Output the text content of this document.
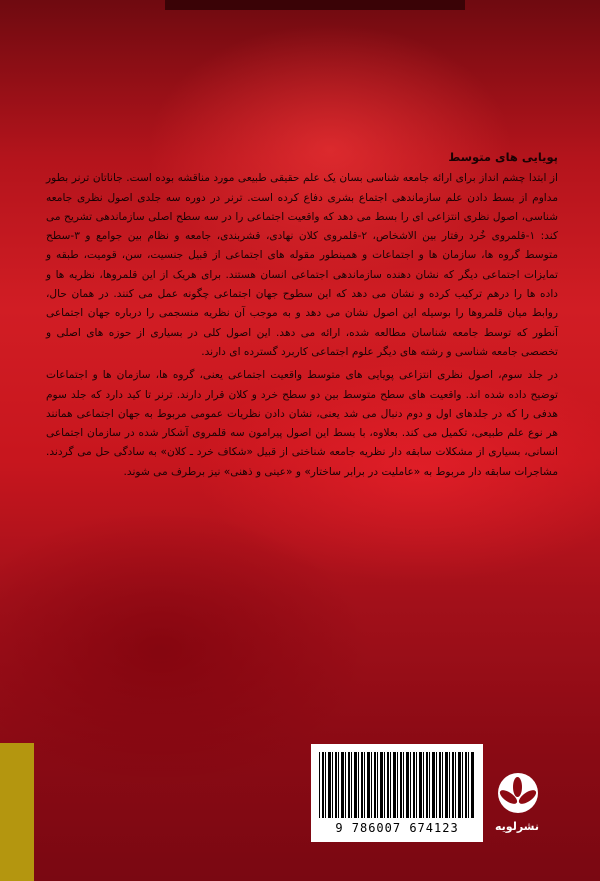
پویایی های متوسط

از ابتدا چشم انداز برای ارائه جامعه شناسی بسان یک علم حقیقی طبیعی مورد مناقشه بوده است. جاناتان ترنر بطور مداوم از بسط دادن علم سازماندهی اجتماع بشری دفاع کرده است. ترنر در دوره سه جلدی اصول نظری جامعه شناسی، اصول نظری انتزاعی ای را بسط می دهد که واقعیت اجتماعی را در سه سطح اصلی سازماندهی تشریح می کند: ۱-قلمروی خُرد رفتار بین الاشخاص، ۲-قلمروی کلان نهادی، قشربندی، جامعه و نظام بین جوامع و ۳-سطح متوسط گروه ها، سازمان ها و اجتماعات و همینطور مقوله های اجتماعی از قبیل جنسیت، سن، قومیت، طبقه و تمایزات اجتماعی دیگر که نشان دهنده سازماندهی اجتماعی انسان هستند. برای هریک از این قلمروها، نظریه ها و داده ها را درهم ترکیب کرده و نشان می دهد که این سطوح جهان اجتماعی چگونه عمل می کنند. در همان حال، روابط میان قلمروها را بوسیله این اصول نشان می دهد و به موجب آن نظریه منسجمی را درباره جهان اجتماعی آنطور که توسط جامعه شناسان مطالعه شده، ارائه می دهد. این اصول کلی در بسیاری از حوزه های اصلی و تخصصی جامعه شناسی و رشته های دیگر علوم اجتماعی کاربرد گسترده ای دارند.

در جلد سوم، اصول نظری انتزاعی پویایی های متوسط واقعیت اجتماعی یعنی، گروه ها، سازمان ها و اجتماعات توضیح داده شده اند. واقعیت های سطح متوسط بین دو سطح خرد و کلان قرار دارند. ترنر تا کید دارد که جلد سوم هدفی را که در جلدهای اول و دوم دنبال می شد یعنی، نشان دادن نظریات عمومی مربوط به جهان اجتماعی همانند هر نوع علم طبیعی، تکمیل می کند. بعلاوه، با بسط این اصول پیرامون سه قلمروی آشکار شده در سازمان اجتماعی انسانی، بسیاری از مشکلات سابقه دار نظریه جامعه شناختی از قبیل «شکاف خرد ـ کلان» به سادگی حل می گردند. مشاجرات سابقه دار مربوط به «عاملیت در برابر ساختار» و «عینی و ذهنی» نیز برطرف می شوند.

9 786007 674123	نشرلویه
